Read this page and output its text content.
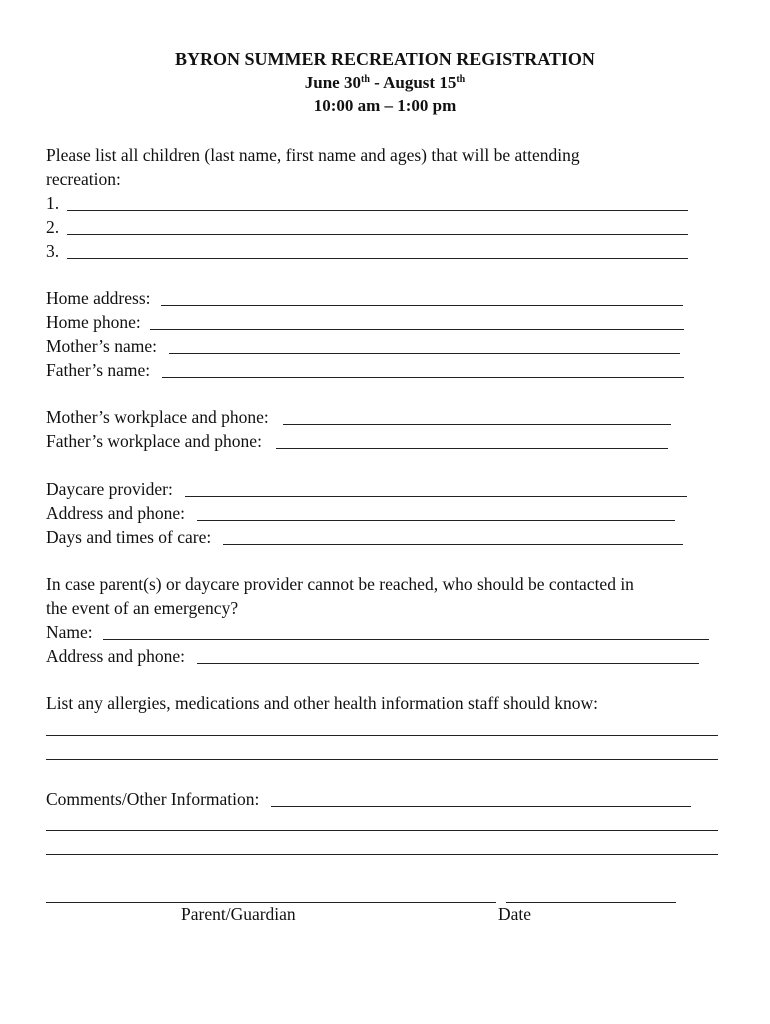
BYRON SUMMER RECREATION REGISTRATION
June 30th - August 15th
10:00 am – 1:00 pm
Please list all children (last name, first name and ages) that will be attending
recreation:
1.
2.
3.
Home address:
Home phone:
Mother’s name:
Father’s name:
Mother’s workplace and phone:
Father’s workplace and phone:
Daycare provider:
Address and phone:
Days and times of care:
In case parent(s) or daycare provider cannot be reached, who should be contacted in
the event of an emergency?
Name:
Address and phone:
List any allergies, medications and other health information staff should know:
Comments/Other Information:

Parent/Guardian	Date
